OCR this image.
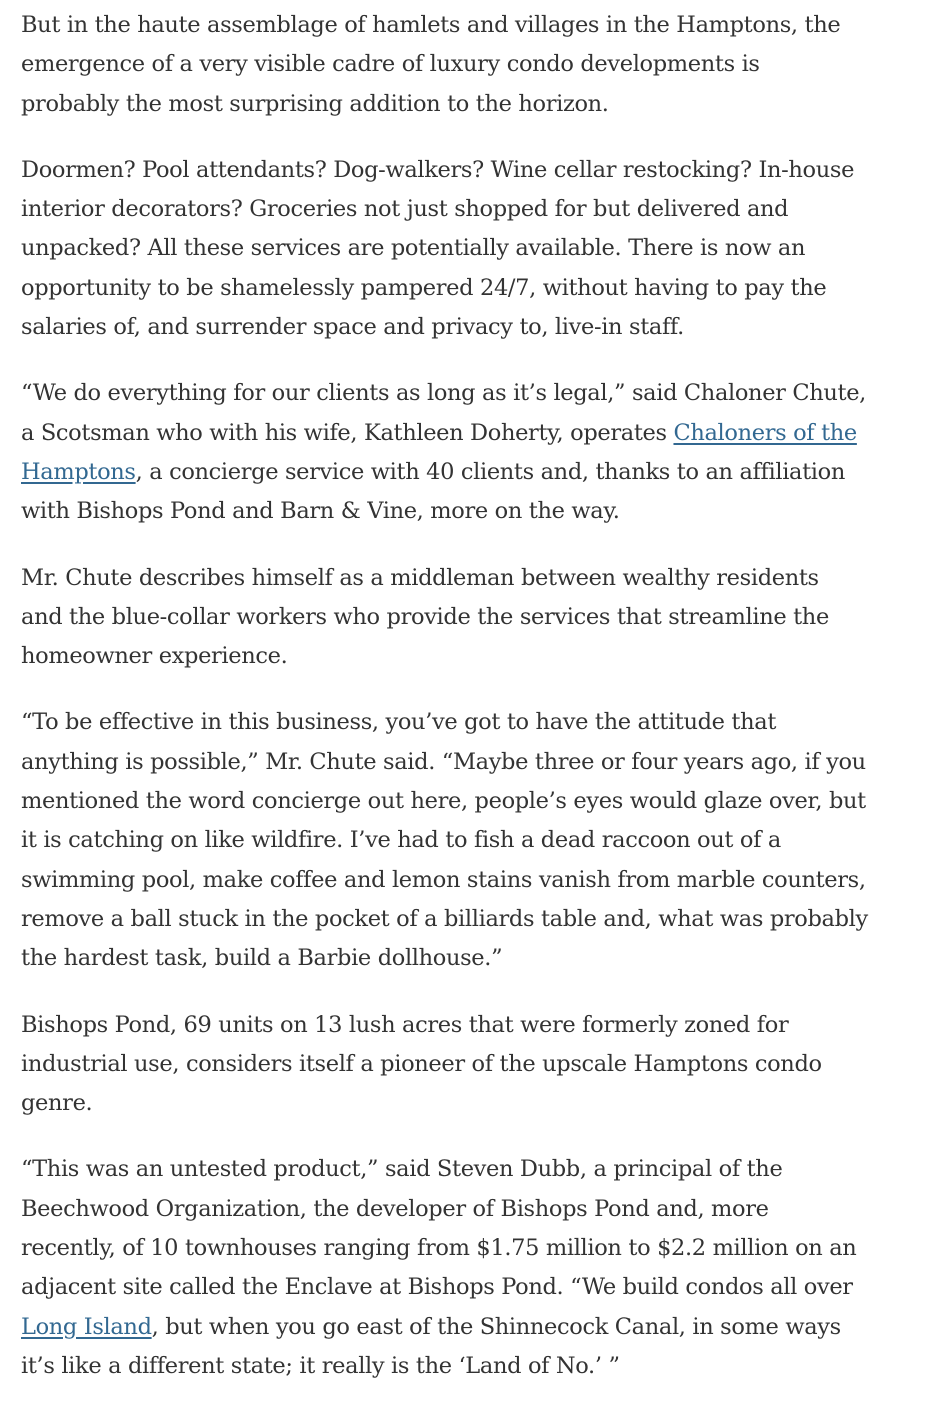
But in the haute assemblage of hamlets and villages in the Hamptons, the
emergence of a very visible cadre of luxury condo developments is
probably the most surprising addition to the horizon.

Doormen? Pool attendants? Dog-walkers? Wine cellar restocking? In-house
interior decorators? Groceries not just shopped for but delivered and
unpacked? All these services are potentially available. There is now an
opportunity to be shamelessly pampered 24/7, without having to pay the
salaries of, and surrender space and privacy to, live-in staff.

“We do everything for our clients as long as it’s legal,” said Chaloner Chute,
a Scotsman who with his wife, Kathleen Doherty, operates Chaloners of the
Hamptons, a concierge service with 40 clients and, thanks to an affiliation
with Bishops Pond and Barn & Vine, more on the way.

Mr. Chute describes himself as a middleman between wealthy residents
and the blue-collar workers who provide the services that streamline the
homeowner experience.

“To be effective in this business, you’ve got to have the attitude that
anything is possible,” Mr. Chute said. “Maybe three or four years ago, if you
mentioned the word concierge out here, people’s eyes would glaze over, but
it is catching on like wildfire. I’ve had to fish a dead raccoon out of a
swimming pool, make coffee and lemon stains vanish from marble counters,
remove a ball stuck in the pocket of a billiards table and, what was probably
the hardest task, build a Barbie dollhouse.”

Bishops Pond, 69 units on 13 lush acres that were formerly zoned for
industrial use, considers itself a pioneer of the upscale Hamptons condo
genre.

“This was an untested product,” said Steven Dubb, a principal of the
Beechwood Organization, the developer of Bishops Pond and, more
recently, of 10 townhouses ranging from $1.75 million to $2.2 million on an
adjacent site called the Enclave at Bishops Pond. “We build condos all over
Long Island, but when you go east of the Shinnecock Canal, in some ways
it’s like a different state; it really is the ‘Land of No.’ ”
